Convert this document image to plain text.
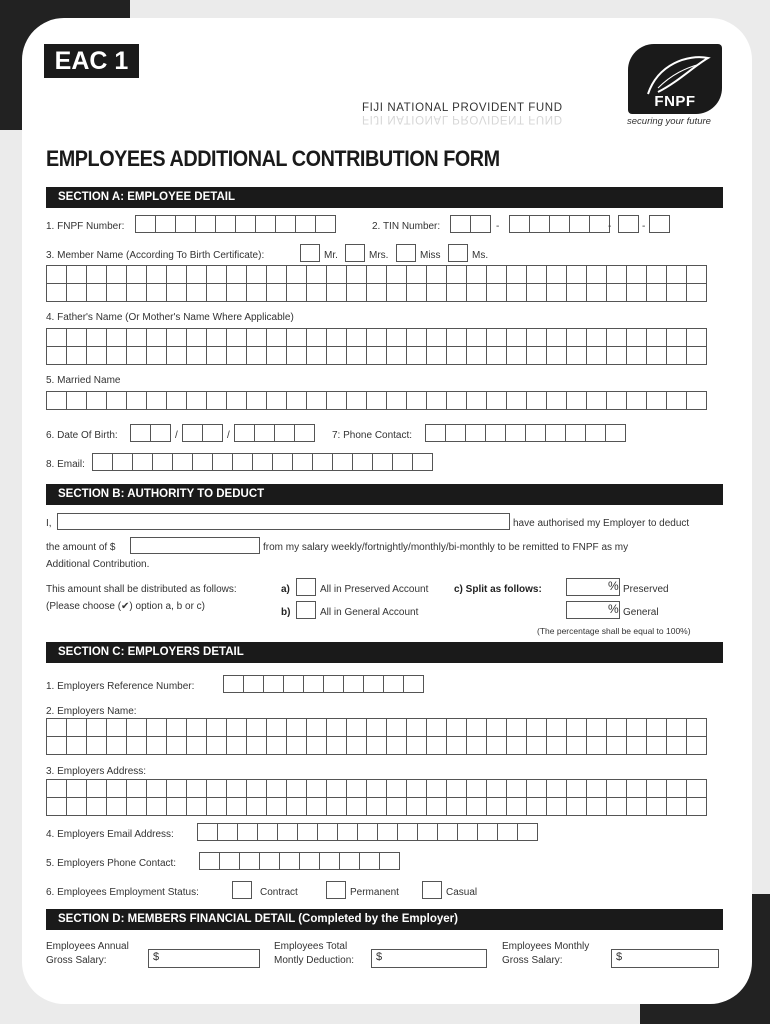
EAC 1
FIJI NATIONAL PROVIDENT FUND
FIJI NATIONAL PROVIDENT FUND
FNPF
securing your future
EMPLOYEES ADDITIONAL CONTRIBUTION FORM
SECTION A: EMPLOYEE DETAIL
1. FNPF Number:	2. TIN Number:	-	-	-
3. Member Name (According To Birth Certificate):	Mr.	Mrs.	Miss	Ms.
4. Father's Name (Or Mother's Name Where Applicable)
5. Married Name
6. Date Of Birth:	/	/	7: Phone Contact:
8. Email:
SECTION B: AUTHORITY TO DEDUCT
I,	have authorised my Employer to deduct
the amount of $	from my salary weekly/fortnightly/monthly/bi-monthly to be remitted to FNPF as my
Additional Contribution.
This amount shall be distributed as follows:
(Please choose (✔) option a, b or c)
a)	All in Preserved Account	c) Split as follows:	% Preserved
b)	All in General Account	% General
(The percentage shall be equal to 100%)
SECTION C: EMPLOYERS DETAIL
1. Employers Reference Number:
2. Employers Name:
3. Employers Address:
4. Employers Email Address:
5. Employers Phone Contact:
6. Employees Employment Status:	Contract	Permanent	Casual
SECTION D: MEMBERS FINANCIAL DETAIL (Completed by the Employer)
Employees Annual
Gross Salary:	$
Employees Total
Montly Deduction: $
Employees Monthly
Gross Salary:	$
1
